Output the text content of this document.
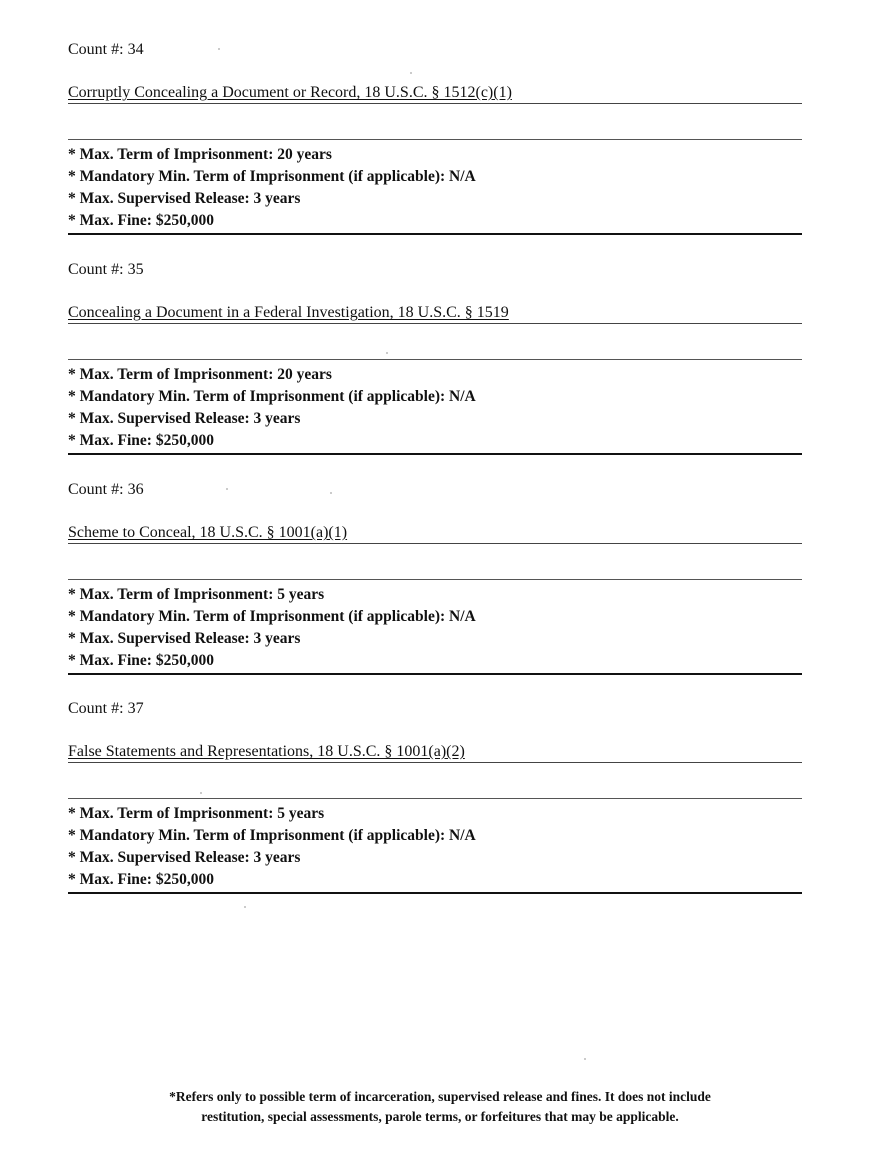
Count #: 34
Corruptly Concealing a Document or Record, 18 U.S.C. § 1512(c)(1)
* Max. Term of Imprisonment: 20 years
* Mandatory Min. Term of Imprisonment (if applicable): N/A
* Max. Supervised Release: 3 years
* Max. Fine: $250,000
Count #: 35
Concealing a Document in a Federal Investigation, 18 U.S.C. § 1519
* Max. Term of Imprisonment: 20 years
* Mandatory Min. Term of Imprisonment (if applicable): N/A
* Max. Supervised Release: 3 years
* Max. Fine: $250,000
Count #: 36
Scheme to Conceal, 18 U.S.C. § 1001(a)(1)
* Max. Term of Imprisonment: 5 years
* Mandatory Min. Term of Imprisonment (if applicable): N/A
* Max. Supervised Release: 3 years
* Max. Fine: $250,000
Count #: 37
False Statements and Representations, 18 U.S.C. § 1001(a)(2)
* Max. Term of Imprisonment: 5 years
* Mandatory Min. Term of Imprisonment (if applicable): N/A
* Max. Supervised Release: 3 years
* Max. Fine: $250,000
*Refers only to possible term of incarceration, supervised release and fines. It does not include
restitution, special assessments, parole terms, or forfeitures that may be applicable.
